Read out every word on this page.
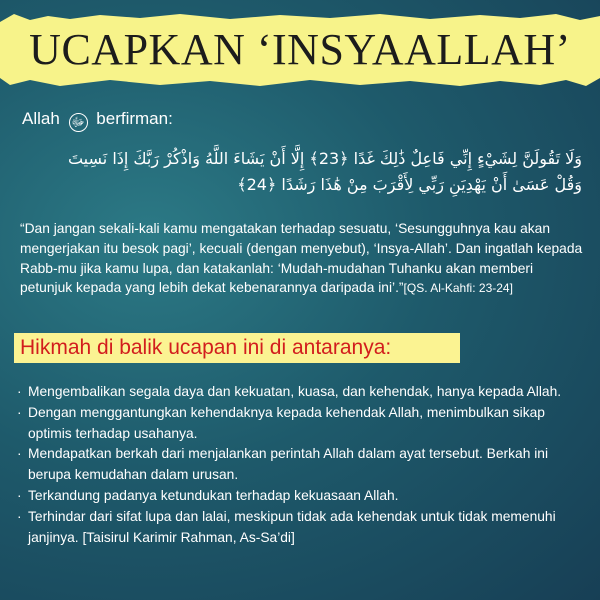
UCAPKAN ‘INSYAALLAH’
Allah ﷻ berfirman:
وَلَا تَقُولَنَّ لِشَيْءٍ إِنِّي فَاعِلٌ ذَٰلِكَ غَدًا ﴿23﴾ إِلَّا أَنْ يَشَاءَ اللَّهُ وَاذْكُرْ رَبَّكَ إِذَا نَسِيتَ
وَقُلْ عَسَىٰ أَنْ يَهْدِيَنِ رَبِّي لِأَقْرَبَ مِنْ هَٰذَا رَشَدًا ﴿24﴾
“Dan jangan sekali-kali kamu mengatakan terhadap sesuatu, ‘Sesungguhnya kau akan mengerjakan itu besok pagi’, kecuali (dengan menyebut), ‘Insya-Allah’. Dan ingatlah kepada Rabb-mu jika kamu lupa, dan katakanlah: ‘Mudah-mudahan Tuhanku akan memberi petunjuk kepada yang lebih dekat kebenarannya daripada ini’.”[QS. Al-Kahfi: 23-24]
Hikmah di balik ucapan ini di antaranya:
· Mengembalikan segala daya dan kekuatan, kuasa, dan kehendak, hanya kepada Allah.
· Dengan menggantungkan kehendaknya kepada kehendak Allah, menimbulkan sikap optimis terhadap usahanya.
· Mendapatkan berkah dari menjalankan perintah Allah dalam ayat tersebut. Berkah ini berupa kemudahan dalam urusan.
· Terkandung padanya ketundukan terhadap kekuasaan Allah.
· Terhindar dari sifat lupa dan lalai, meskipun tidak ada kehendak untuk tidak memenuhi janjinya. [Taisirul Karimir Rahman, As-Sa’di]
